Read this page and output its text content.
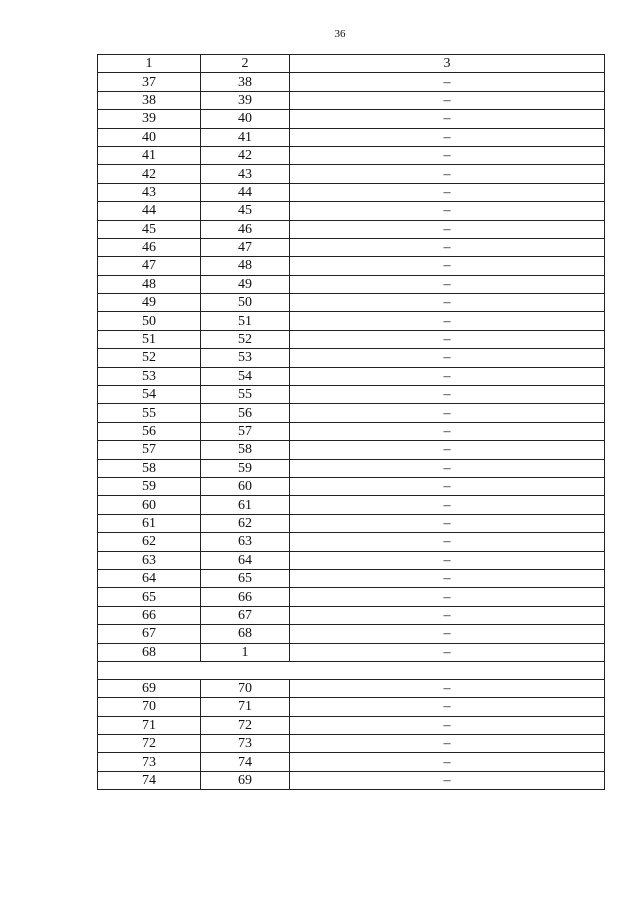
36
1	2	3
37	38	–
38	39	–
39	40	–
40	41	–
41	42	–
42	43	–
43	44	–
44	45	–
45	46	–
46	47	–
47	48	–
48	49	–
49	50	–
50	51	–
51	52	–
52	53	–
53	54	–
54	55	–
55	56	–
56	57	–
57	58	–
58	59	–
59	60	–
60	61	–
61	62	–
62	63	–
63	64	–
64	65	–
65	66	–
66	67	–
67	68	–
68	1	–

69	70	–
70	71	–
71	72	–
72	73	–
73	74	–
74	69	–
